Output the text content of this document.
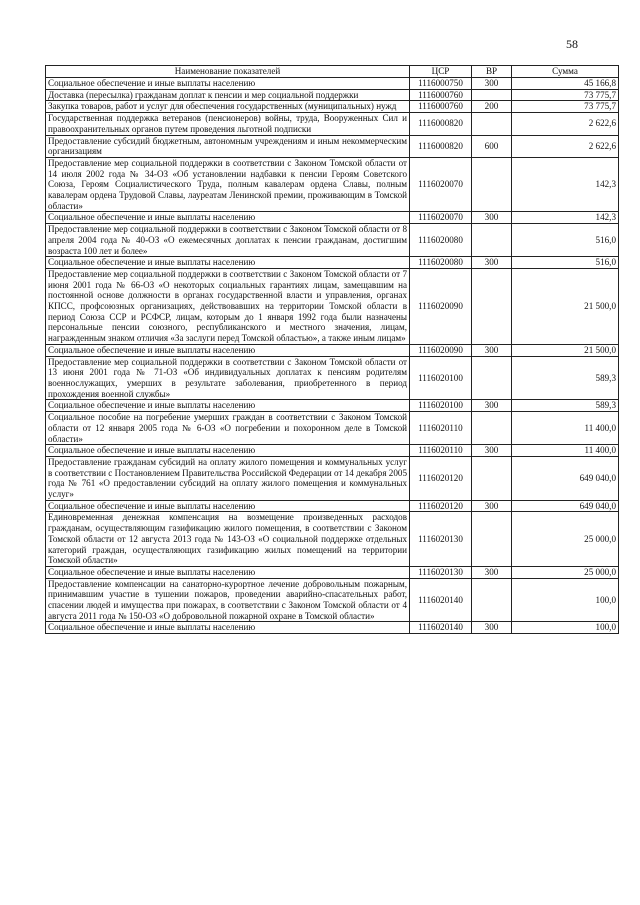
58
Наименование показателей	ЦСР	ВР	Сумма
Социальное обеспечение и иные выплаты населению	1116000750	300	45 166,8
Доставка (пересылка) гражданам доплат к пенсии и мер социальной поддержки	1116000760		73 775,7
Закупка товаров, работ и услуг для обеспечения государственных (муниципальных) нужд	1116000760	200	73 775,7
Государственная поддержка ветеранов (пенсионеров) войны, труда, Вооруженных Сил и правоохранительных органов путем проведения льготной подписки	1116000820		2 622,6
Предоставление субсидий бюджетным, автономным учреждениям и иным некоммерческим организациям	1116000820	600	2 622,6
Предоставление мер социальной поддержки в соответствии с Законом Томской области от 14 июля 2002 года № 34-ОЗ «Об установлении надбавки к пенсии Героям Советского Союза, Героям Социалистического Труда, полным кавалерам ордена Славы, полным кавалерам ордена Трудовой Славы, лауреатам Ленинской премии, проживающим в Томской области»	1116020070		142,3
Социальное обеспечение и иные выплаты населению	1116020070	300	142,3
Предоставление мер социальной поддержки в соответствии с Законом Томской области от 8 апреля 2004 года № 40-ОЗ «О ежемесячных доплатах к пенсии гражданам, достигшим возраста 100 лет и более»	1116020080		516,0
Социальное обеспечение и иные выплаты населению	1116020080	300	516,0
Предоставление мер социальной поддержки в соответствии с Законом Томской области от 7 июня 2001 года № 66-ОЗ «О некоторых социальных гарантиях лицам, замещавшим на постоянной основе должности в органах государственной власти и управления, органах КПСС, профсоюзных организациях, действовавших на территории Томской области в период Союза ССР и РСФСР, лицам, которым до 1 января 1992 года были назначены персональные пенсии союзного, республиканского и местного значения, лицам, награжденным знаком отличия «За заслуги перед Томской областью», а также иным лицам»	1116020090		21 500,0
Социальное обеспечение и иные выплаты населению	1116020090	300	21 500,0
Предоставление мер социальной поддержки в соответствии с Законом Томской области от 13 июня 2001 года № 71-ОЗ «Об индивидуальных доплатах к пенсиям родителям военнослужащих, умерших в результате заболевания, приобретенного в период прохождения военной службы»	1116020100		589,3
Социальное обеспечение и иные выплаты населению	1116020100	300	589,3
Социальное пособие на погребение умерших граждан в соответствии с Законом Томской области от 12 января 2005 года № 6-ОЗ «О погребении и похоронном деле в Томской области»	1116020110		11 400,0
Социальное обеспечение и иные выплаты населению	1116020110	300	11 400,0
Предоставление гражданам субсидий на оплату жилого помещения и коммунальных услуг в соответствии с Постановлением Правительства Российской Федерации от 14 декабря 2005 года № 761 «О предоставлении субсидий на оплату жилого помещения и коммунальных услуг»	1116020120		649 040,0
Социальное обеспечение и иные выплаты населению	1116020120	300	649 040,0
Единовременная денежная компенсация на возмещение произведенных расходов гражданам, осуществляющим газификацию жилого помещения, в соответствии с Законом Томской области от 12 августа 2013 года № 143-ОЗ «О социальной поддержке отдельных категорий граждан, осуществляющих газификацию жилых помещений на территории Томской области»	1116020130		25 000,0
Социальное обеспечение и иные выплаты населению	1116020130	300	25 000,0
Предоставление компенсации на санаторно-курортное лечение добровольным пожарным, принимавшим участие в тушении пожаров, проведении аварийно-спасательных работ, спасении людей и имущества при пожарах, в соответствии с Законом Томской области от 4 августа 2011 года № 150-ОЗ «О добровольной пожарной охране в Томской области»	1116020140		100,0
Социальное обеспечение и иные выплаты населению	1116020140	300	100,0
